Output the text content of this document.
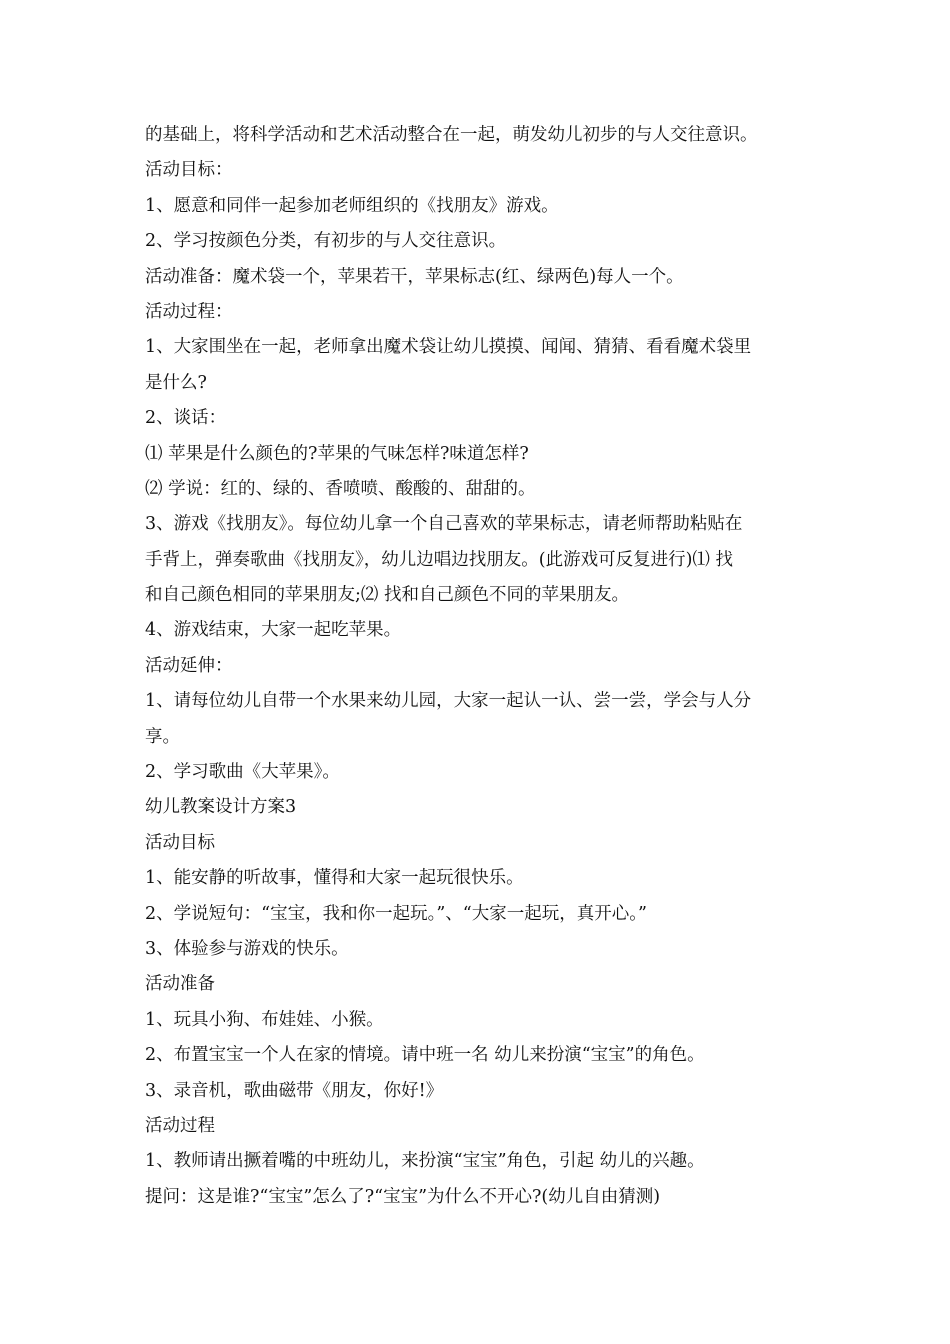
的基础上，将科学活动和艺术活动整合在一起，萌发幼儿初步的与人交往意识。
活动目标：
1、愿意和同伴一起参加老师组织的《找朋友》游戏。
2、学习按颜色分类，有初步的与人交往意识。
活动准备：魔术袋一个，苹果若干，苹果标志(红、绿两色)每人一个。
活动过程：
1、大家围坐在一起，老师拿出魔术袋让幼儿摸摸、闻闻、猜猜、看看魔术袋里
是什么?
2、谈话：
⑴ 苹果是什么颜色的?苹果的气味怎样?味道怎样?
⑵ 学说：红的、绿的、香喷喷、酸酸的、甜甜的。
3、游戏《找朋友》。每位幼儿拿一个自己喜欢的苹果标志，请老师帮助粘贴在
手背上，弹奏歌曲《找朋友》，幼儿边唱边找朋友。(此游戏可反复进行)⑴ 找
和自己颜色相同的苹果朋友;⑵ 找和自己颜色不同的苹果朋友。
4、游戏结束，大家一起吃苹果。
活动延伸：
1、请每位幼儿自带一个水果来幼儿园，大家一起认一认、尝一尝，学会与人分
享。
2、学习歌曲《大苹果》。
幼儿教案设计方案3
活动目标
1、能安静的听故事，懂得和大家一起玩很快乐。
2、学说短句：“宝宝，我和你一起玩。”、“大家一起玩，真开心。”
3、体验参与游戏的快乐。
活动准备
1、玩具小狗、布娃娃、小猴。
2、布置宝宝一个人在家的情境。请中班一名 幼儿来扮演“宝宝”的角色。
3、录音机，歌曲磁带《朋友，你好!》
活动过程
1、教师请出撅着嘴的中班幼儿，来扮演“宝宝”角色，引起 幼儿的兴趣。
提问：这是谁?“宝宝”怎么了?“宝宝”为什么不开心?(幼儿自由猜测)
